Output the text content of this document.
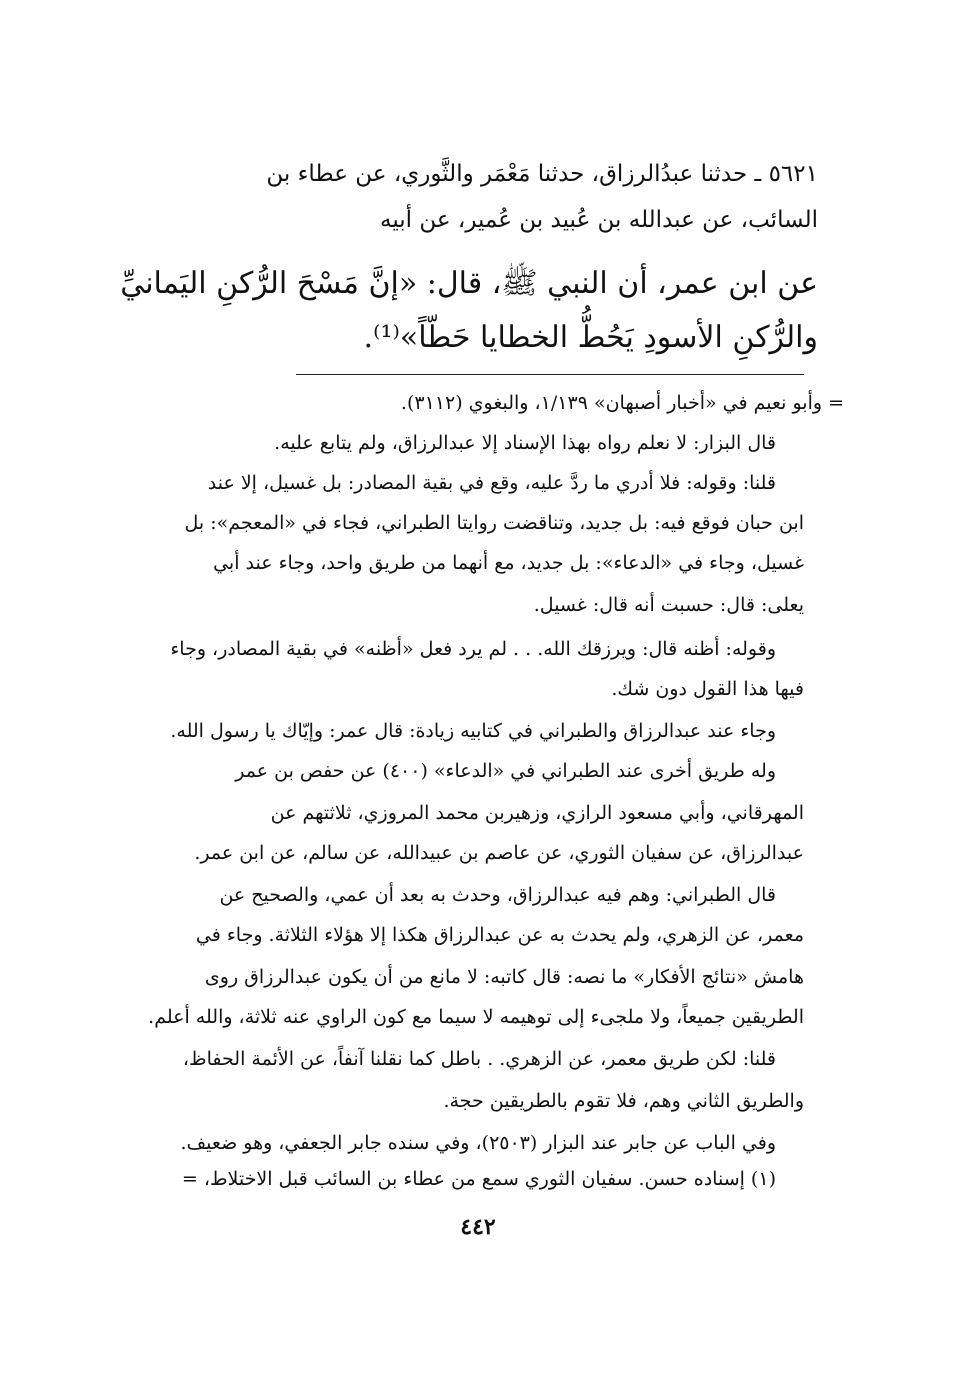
٥٦٢١ ـ حدثنا عبدُالرزاق، حدثنا مَعْمَر والثَّوري، عن عطاء بن
السائب، عن عبدالله بن عُبيد بن عُمير، عن أبيه
عن ابن عمر، أن النبي ﷺ، قال: «إنَّ مَسْحَ الرُّكنِ اليَمانيِّ
والرُّكنِ الأسودِ يَحُطُّ الخطايا حَطّاً»⁽¹⁾.
= وأبو نعيم في «أخبار أصبهان» ١/١٣٩، والبغوي (٣١١٢).
قال البزار: لا نعلم رواه بهذا الإسناد إلا عبدالرزاق، ولم يتابع عليه.
قلنا: وقوله: فلا أدري ما ردَّ عليه، وقع في بقية المصادر: بل غسيل، إلا عند
ابن حبان فوقع فيه: بل جديد، وتناقضت روايتا الطبراني، فجاء في «المعجم»: بل
غسيل، وجاء في «الدعاء»: بل جديد، مع أنهما من طريق واحد، وجاء عند أبي
يعلى: قال: حسبت أنه قال: غسيل.
وقوله: أظنه قال: ويرزقك الله. . . لم يرد فعل «أظنه» في بقية المصادر، وجاء
فيها هذا القول دون شك.
وجاء عند عبدالرزاق والطبراني في كتابيه زيادة: قال عمر: وإيّاك يا رسول الله.
وله طريق أخرى عند الطبراني في «الدعاء» (٤٠٠) عن حفص بن عمر
المهرقاني، وأبي مسعود الرازي، وزهيربن محمد المروزي، ثلاثتهم عن
عبدالرزاق، عن سفيان الثوري، عن عاصم بن عبيدالله، عن سالم، عن ابن عمر.
قال الطبراني: وهم فيه عبدالرزاق، وحدث به بعد أن عمي، والصحيح عن
معمر، عن الزهري، ولم يحدث به عن عبدالرزاق هكذا إلا هؤلاء الثلاثة. وجاء في
هامش «نتائج الأفكار» ما نصه: قال كاتبه: لا مانع من أن يكون عبدالرزاق روى
الطريقين جميعاً، ولا ملجىء إلى توهيمه لا سيما مع كون الراوي عنه ثلاثة، والله أعلم.
قلنا: لكن طريق معمر، عن الزهري. . باطل كما نقلنا آنفاً، عن الأئمة الحفاظ،
والطريق الثاني وهم، فلا تقوم بالطريقين حجة.
وفي الباب عن جابر عند البزار (٢٥٠٣)، وفي سنده جابر الجعفي، وهو ضعيف.
(١) إسناده حسن. سفيان الثوري سمع من عطاء بن السائب قبل الاختلاط، =
٤٤٢
